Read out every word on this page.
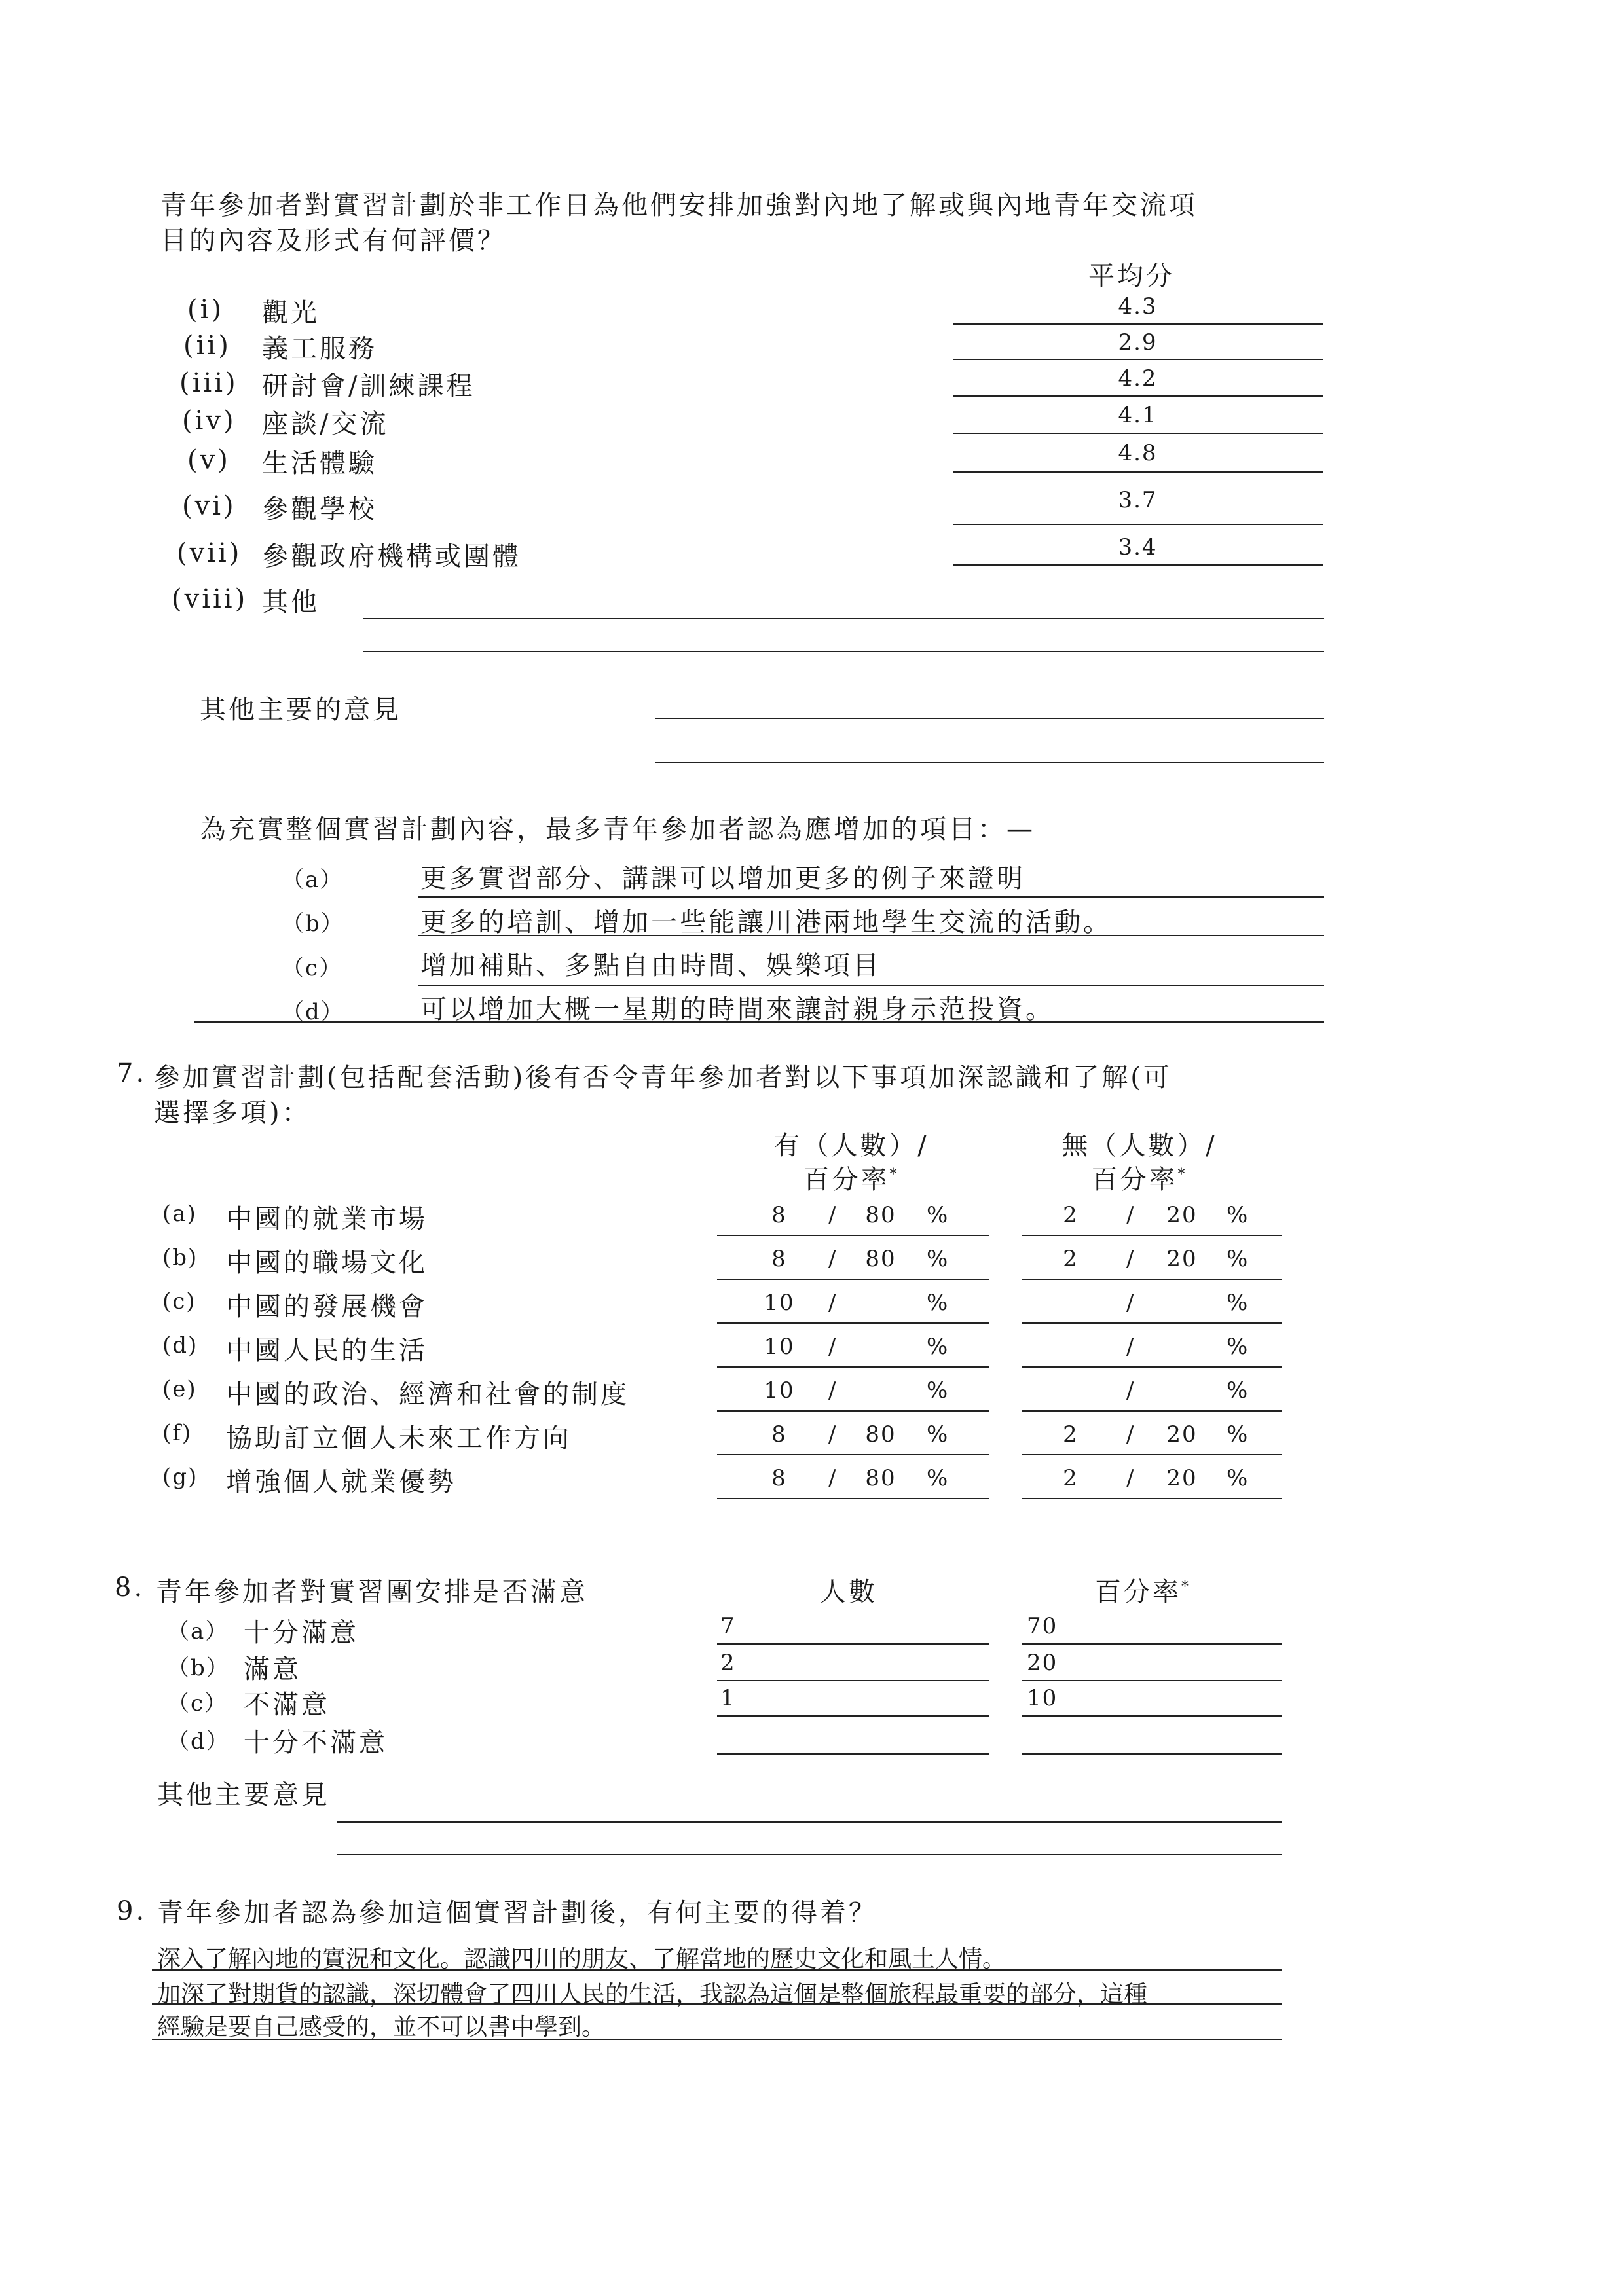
青年參加者對實習計劃於非工作日為他們安排加強對內地了解或與內地青年交流項
目的內容及形式有何評價？
平均分
(i) 觀光	4.3
(ii) 義工服務	2.9
(iii) 研討會/訓練課程	4.2
(iv) 座談/交流	4.1
(v) 生活體驗	4.8
(vi) 參觀學校	3.7
(vii) 參觀政府機構或團體	3.4
(viii) 其他
其他主要的意見
為充實整個實習計劃內容，最多青年參加者認為應增加的項目：—
（a）	更多實習部分、講課可以增加更多的例子來證明
（b）	更多的培訓、增加一些能讓川港兩地學生交流的活動。
（c）	增加補貼、多點自由時間、娛樂項目
（d）	可以增加大概一星期的時間來讓討親身示范投資。
7. 參加實習計劃(包括配套活動)後有否令青年參加者對以下事項加深認識和了解(可
選擇多項)：
有（人數）/
百分率*
無（人數）/
百分率*
(a) 中國的就業市場	8	/	80	%	2	/	20	%
(b) 中國的職場文化	8	/	80	%	2	/	20	%
(c) 中國的發展機會	10	/	%	/	%
(d) 中國人民的生活	10	/	%	/	%
(e) 中國的政治、經濟和社會的制度	10	/	%	/	%
(f) 協助訂立個人未來工作方向	8	/	80	%	2	/	20	%
(g) 增強個人就業優勢	8	/	80	%	2	/	20	%
8. 青年參加者對實習團安排是否滿意	人數	百分率*
（a） 十分滿意	7	70
（b） 滿意	2	20
（c） 不滿意	1	10
（d） 十分不滿意
其他主要意見
9. 青年參加者認為參加這個實習計劃後，有何主要的得着？
深入了解內地的實況和文化。認識四川的朋友、了解當地的歷史文化和風土人情。
加深了對期貨的認識，深切體會了四川人民的生活，我認為這個是整個旅程最重要的部分，這種
經驗是要自己感受的，並不可以書中學到。
